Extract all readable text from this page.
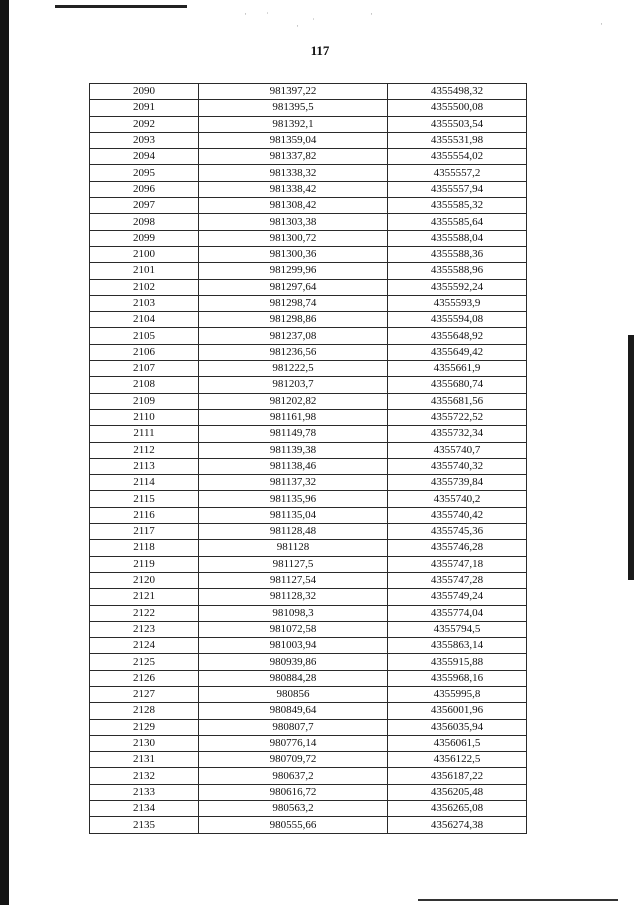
· ˙
· ˙
·
·
117
2090	981397,22	4355498,32
2091	981395,5	4355500,08
2092	981392,1	4355503,54
2093	981359,04	4355531,98
2094	981337,82	4355554,02
2095	981338,32	4355557,2
2096	981338,42	4355557,94
2097	981308,42	4355585,32
2098	981303,38	4355585,64
2099	981300,72	4355588,04
2100	981300,36	4355588,36
2101	981299,96	4355588,96
2102	981297,64	4355592,24
2103	981298,74	4355593,9
2104	981298,86	4355594,08
2105	981237,08	4355648,92
2106	981236,56	4355649,42
2107	981222,5	4355661,9
2108	981203,7	4355680,74
2109	981202,82	4355681,56
2110	981161,98	4355722,52
2111	981149,78	4355732,34
2112	981139,38	4355740,7
2113	981138,46	4355740,32
2114	981137,32	4355739,84
2115	981135,96	4355740,2
2116	981135,04	4355740,42
2117	981128,48	4355745,36
2118	981128	4355746,28
2119	981127,5	4355747,18
2120	981127,54	4355747,28
2121	981128,32	4355749,24
2122	981098,3	4355774,04
2123	981072,58	4355794,5
2124	981003,94	4355863,14
2125	980939,86	4355915,88
2126	980884,28	4355968,16
2127	980856	4355995,8
2128	980849,64	4356001,96
2129	980807,7	4356035,94
2130	980776,14	4356061,5
2131	980709,72	4356122,5
2132	980637,2	4356187,22
2133	980616,72	4356205,48
2134	980563,2	4356265,08
2135	980555,66	4356274,38
